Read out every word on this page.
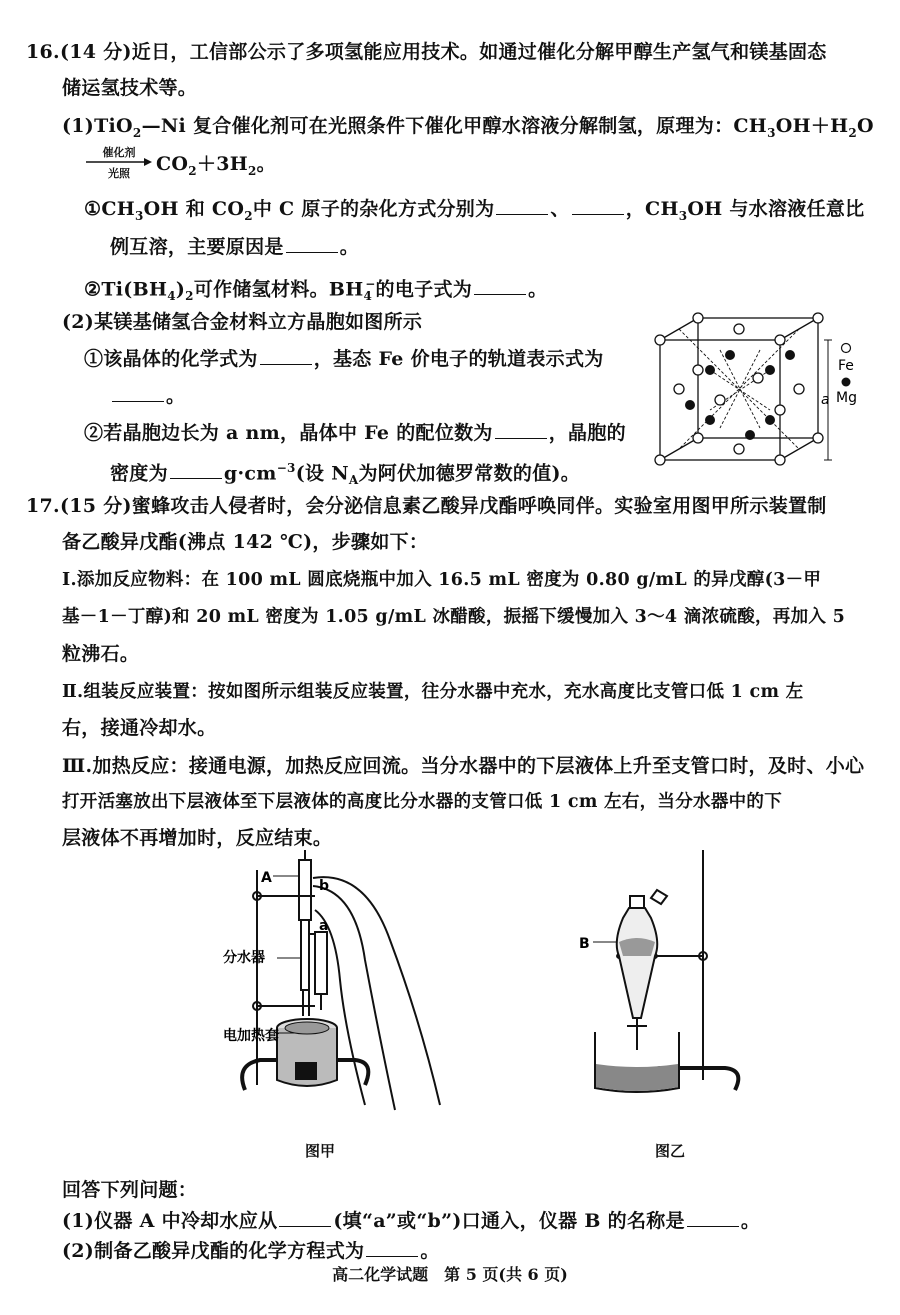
16.(14 分)近日，工信部公示了多项氢能应用技术。如通过催化分解甲醇生产氢气和镁基固态
储运氢技术等。
(1)TiO$_2$—Ni 复合催化剂可在光照条件下催化甲醇水溶液分解制氢，原理为：$CH_3OH+H_2O$
催化剂
光照	$CO_2+3H_2$。
$①CH_3OH$ 和 $CO_2$中 C 原子的杂化方式分别为	、	，$CH_3OH$ 与水溶液任意比
例互溶，主要原因是	。
$②Ti(BH_4)_2$可作储氢材料。$BH_4^-$的电子式为	。
(2)某镁基储氢合金材料立方晶胞如图所示
①该晶体的化学式为	，基态 Fe 价电子的轨道表示式为
。
②若晶胞边长为 a nm，晶体中 Fe 的配位数为	，晶胞的
密度为	$g\cdot cm^{-3}$(设 $N_A$为阿伏加德罗常数的值)。
a
Fe
Mg
17.(15 分)蜜蜂攻击人侵者时，会分泌信息素乙酸异戊酯呼唤同伴。实验室用图甲所示装置制
备乙酸异戊酯(沸点 142 ℃)，步骤如下：
Ⅰ.添加反应物料：在 100 mL 圆底烧瓶中加入 16.5 mL 密度为 0.80 g/mL 的异戊醇(3－甲
基－1－丁醇)和 20 mL 密度为 1.05 g/mL 冰醋酸，振摇下缓慢加入 3～4 滴浓硫酸，再加入 5
粒沸石。
Ⅱ.组装反应装置：按如图所示组装反应装置，往分水器中充水，充水高度比支管口低 1 cm 左
右，接通冷却水。
Ⅲ.加热反应：接通电源，加热反应回流。当分水器中的下层液体上升至支管口时，及时、小心
打开活塞放出下层液体至下层液体的高度比分水器的支管口低 1 cm 左右，当分水器中的下
层液体不再增加时，反应结束。
A	b
a
分水器
电加热套
图甲
B
图乙
回答下列问题：
(1)仪器 A 中冷却水应从	(填“a”或“b”)口通入，仪器 B 的名称是	。
(2)制备乙酸异戊酯的化学方程式为	。
高二化学试题　第 5 页(共 6 页)
